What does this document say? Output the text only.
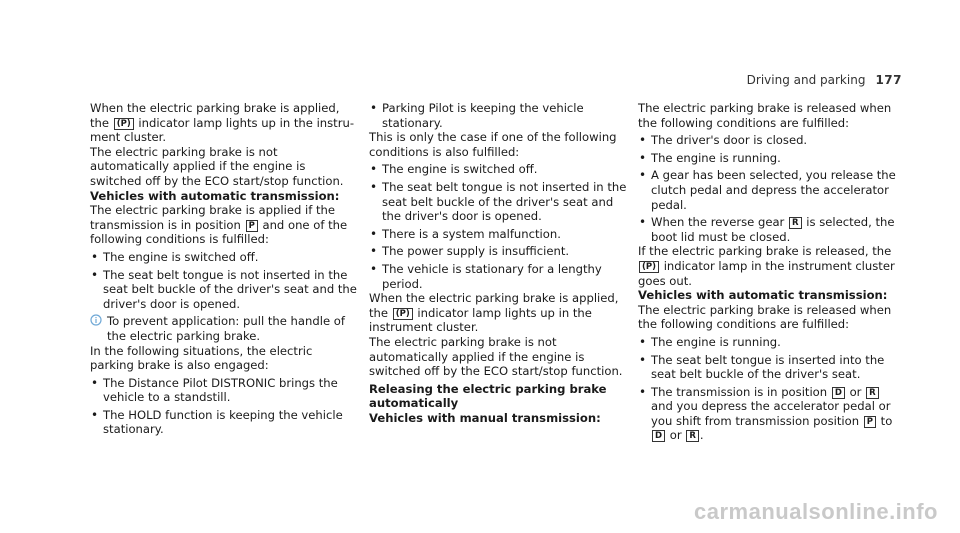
Driving and parking 177

When the electric parking brake is applied, the (P) indicator lamp lights up in the instrument cluster.

The electric parking brake is not automatically applied if the engine is switched off by the ECO start/stop function.

Vehicles with automatic transmission:

The electric parking brake is applied if the transmission is in position P and one of the following conditions is fulfilled:

• The engine is switched off.
• The seat belt tongue is not inserted in the seat belt buckle of the driver's seat and the driver's door is opened.
To prevent application: pull the handle of the electric parking brake.

In the following situations, the electric parking brake is also engaged:

• The Distance Pilot DISTRONIC brings the vehicle to a standstill.
• The HOLD function is keeping the vehicle stationary.
• Parking Pilot is keeping the vehicle stationary.

This is only the case if one of the following conditions is also fulfilled:

• The engine is switched off.
• The seat belt tongue is not inserted in the seat belt buckle of the driver's seat and the driver's door is opened.
• There is a system malfunction.
• The power supply is insufficient.
• The vehicle is stationary for a lengthy period.

When the electric parking brake is applied, the (P) indicator lamp lights up in the instrument cluster.

The electric parking brake is not automatically applied if the engine is switched off by the ECO start/stop function.

Releasing the electric parking brake automatically

Vehicles with manual transmission:

The electric parking brake is released when the following conditions are fulfilled:

• The driver's door is closed.
• The engine is running.
• A gear has been selected, you release the clutch pedal and depress the accelerator pedal.
• When the reverse gear R is selected, the boot lid must be closed.

If the electric parking brake is released, the (P) indicator lamp in the instrument cluster goes out.

Vehicles with automatic transmission:

The electric parking brake is released when the following conditions are fulfilled:

• The engine is running.
• The seat belt tongue is inserted into the seat belt buckle of the driver's seat.
• The transmission is in position D or R and you depress the accelerator pedal or you shift from transmission position P to D or R .
carmanualsonline.info
